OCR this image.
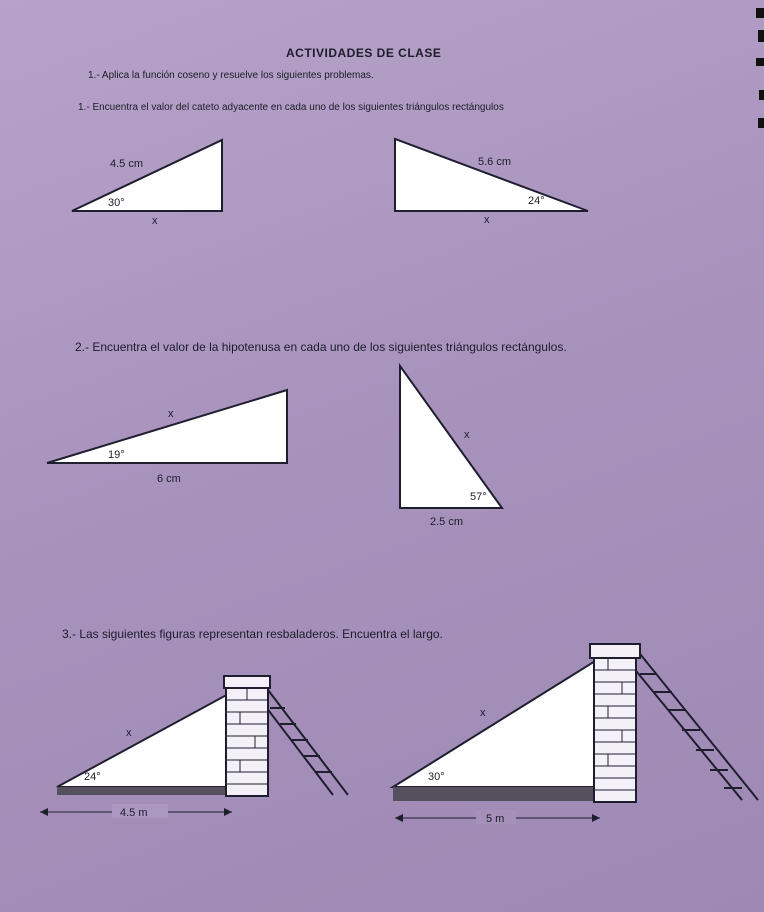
ACTIVIDADES DE CLASE
1.- Aplica la función coseno y resuelve los siguientes problemas.
1.- Encuentra el valor del cateto adyacente en cada uno de los siguientes triángulos rectángulos
2.- Encuentra el valor de la hipotenusa en cada uno de los siguientes triángulos rectángulos.
3.- Las siguientes figuras representan resbaladeros. Encuentra el largo.
4.5 cm
30°
x
5.6 cm
24°
x
x
19°
6 cm
x
57°
2.5 cm
x
24°
4.5 m
x
30°
5 m
